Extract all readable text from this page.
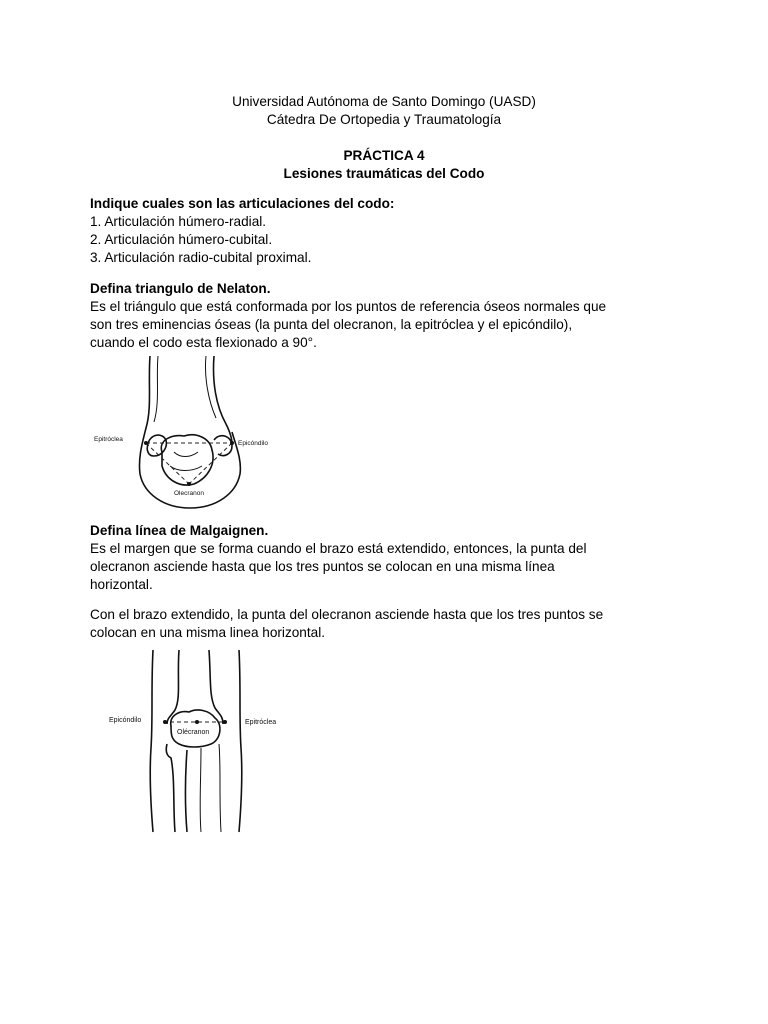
Universidad Autónoma de Santo Domingo (UASD)
Cátedra De Ortopedia y Traumatología
PRÁCTICA 4
Lesiones traumáticas del Codo
Indique cuales son las articulaciones del codo:
1. Articulación húmero-radial.
2. Articulación húmero-cubital.
3. Articulación radio-cubital proximal.
Defina triangulo de Nelaton.
Es el triángulo que está conformada por los puntos de referencia óseos normales que
son tres eminencias óseas (la punta del olecranon, la epitróclea y el epicóndilo),
cuando el codo esta flexionado a 90°.
Epitróclea
Epicóndilo
Olecranon
Defina línea de Malgaignen.
Es el margen que se forma cuando el brazo está extendido, entonces, la punta del
olecranon asciende hasta que los tres puntos se colocan en una misma línea
horizontal.
Con el brazo extendido, la punta del olecranon asciende hasta que los tres puntos se
colocan en una misma linea horizontal.
Epicóndilo	Epitróclea
Olécranon
